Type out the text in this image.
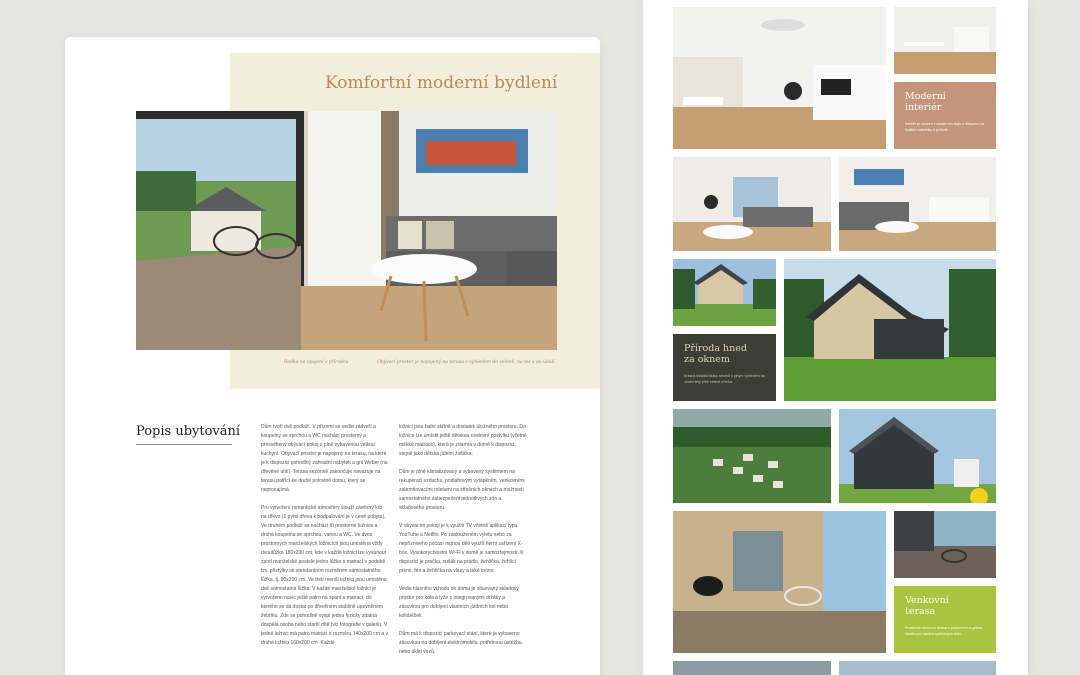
Komfortní moderní bydlení
Rodka na opojení s přírodou	Obývací prostor je napojený na terasu s výhledem do zeleně, na les a do údolí
Popis ubytování	Dům tvoří dvě podlaží. V přízemí se vedle zádveří a koupelny se sprchou a WC nachází prostorný a prosvětlený obývací pokoj s plně vybavenou velkou kuchyní. Obývací prostor je napojený na terasu, na které je k dispozici pohodlný zahradní nábytek a gril Weber (na dřevěné uhlí). Terasa sezónně zakončuje navazuje na terasu patřící ke druhé polovině domu, který se nepronajímá.

Pro vytvoření romantické atmosféry slouží závěsný krb na dřevo (1 pytel dřeva k podpalování je v ceně pobytu). Ve druhém podlaží se nachází tři prostorné ložnice a druhá koupelna se sprchou, vanou a WC. Ve dvou prostorných manželských ložnicích jsou umístěna vždy dvoulůžko 180x200 cm, kde v každé ložnici lze vysunout zpod manželské postele jedno lůžko s matrací v podobě tzv. přistýlky se standardním rozměrem samostatného lůžka, tj. 90x200 cm. Ve třetí menší ložnici jsou umístěna dvě samostatná lůžka. V každé manželské ložnici je vytvořeno navíc ještě patro na spaní s matrací, do kterého se dá dostat po dřevěném stabilně upevněném žebříku. Zde se pohodlně vyspí jedna fyzicky zdatná dospělá osoba nebo starší dítě (viz fotografie v galerii). V jedné ložnici má patro matraci o rozměru 140x200 cm a v druhé ložnici 160x200 cm. Každé

ložnici jsou balní skříně a dostatek úložného prostoru. Do ložnice lze umístit ještě dětskou cestovní postýlku (včetně měkké matrace), která je zdarma v domě k dispozici, stejně jako dětská jídelní židlička.

Dům je plně klimatizovaný a vybavený systémem na rekuperaci vzduchu, podlahovým vytápěním, venkovními zatemňovacími roletami na střešních oknech a možností samostatného zabezpečení jednotlivých zón a skladového prostoru.

V obývacím pokoji je k využití TV včetně aplikací typu YouTube a Netflix. Po zaslouženém výletu nebo za nepříznivého počasí mohou děti využít herní zařízení X-box. Vysokorychlostní Wi-Fi v domě je samozřejmostí. K dispozici je pračka, sušák na prádlo, žehlička, žehlící prkno, fén a žehlička na vlasy a také trezor.

Vedle hlavního vchodu do domu je situovaný skladový prostor pro kola a lyže s integrovanými držáky a zásuvkou pro dobíjení vlastních jízdních kol nebo koloběžek.

Dům má k dispozici parkovací stání, které je vybaveno zásuvkou na dobíjení elektromobilu, potřebnou ústrižbu, nebo úklid vozů.

Moderní
interiér

Interiér je zařízen v moderním stylu s důrazem na kvalitní materiály a pohodlí.

Příroda hned
za oknem

Krásná lokalita blízko stromů s plným výhledem na okolní lesy plné zeleně a ticha.

Venkovní
terasa

Prostorná venkovní terasa s posezením a grilem, ideální pro trávení společných chvil.
